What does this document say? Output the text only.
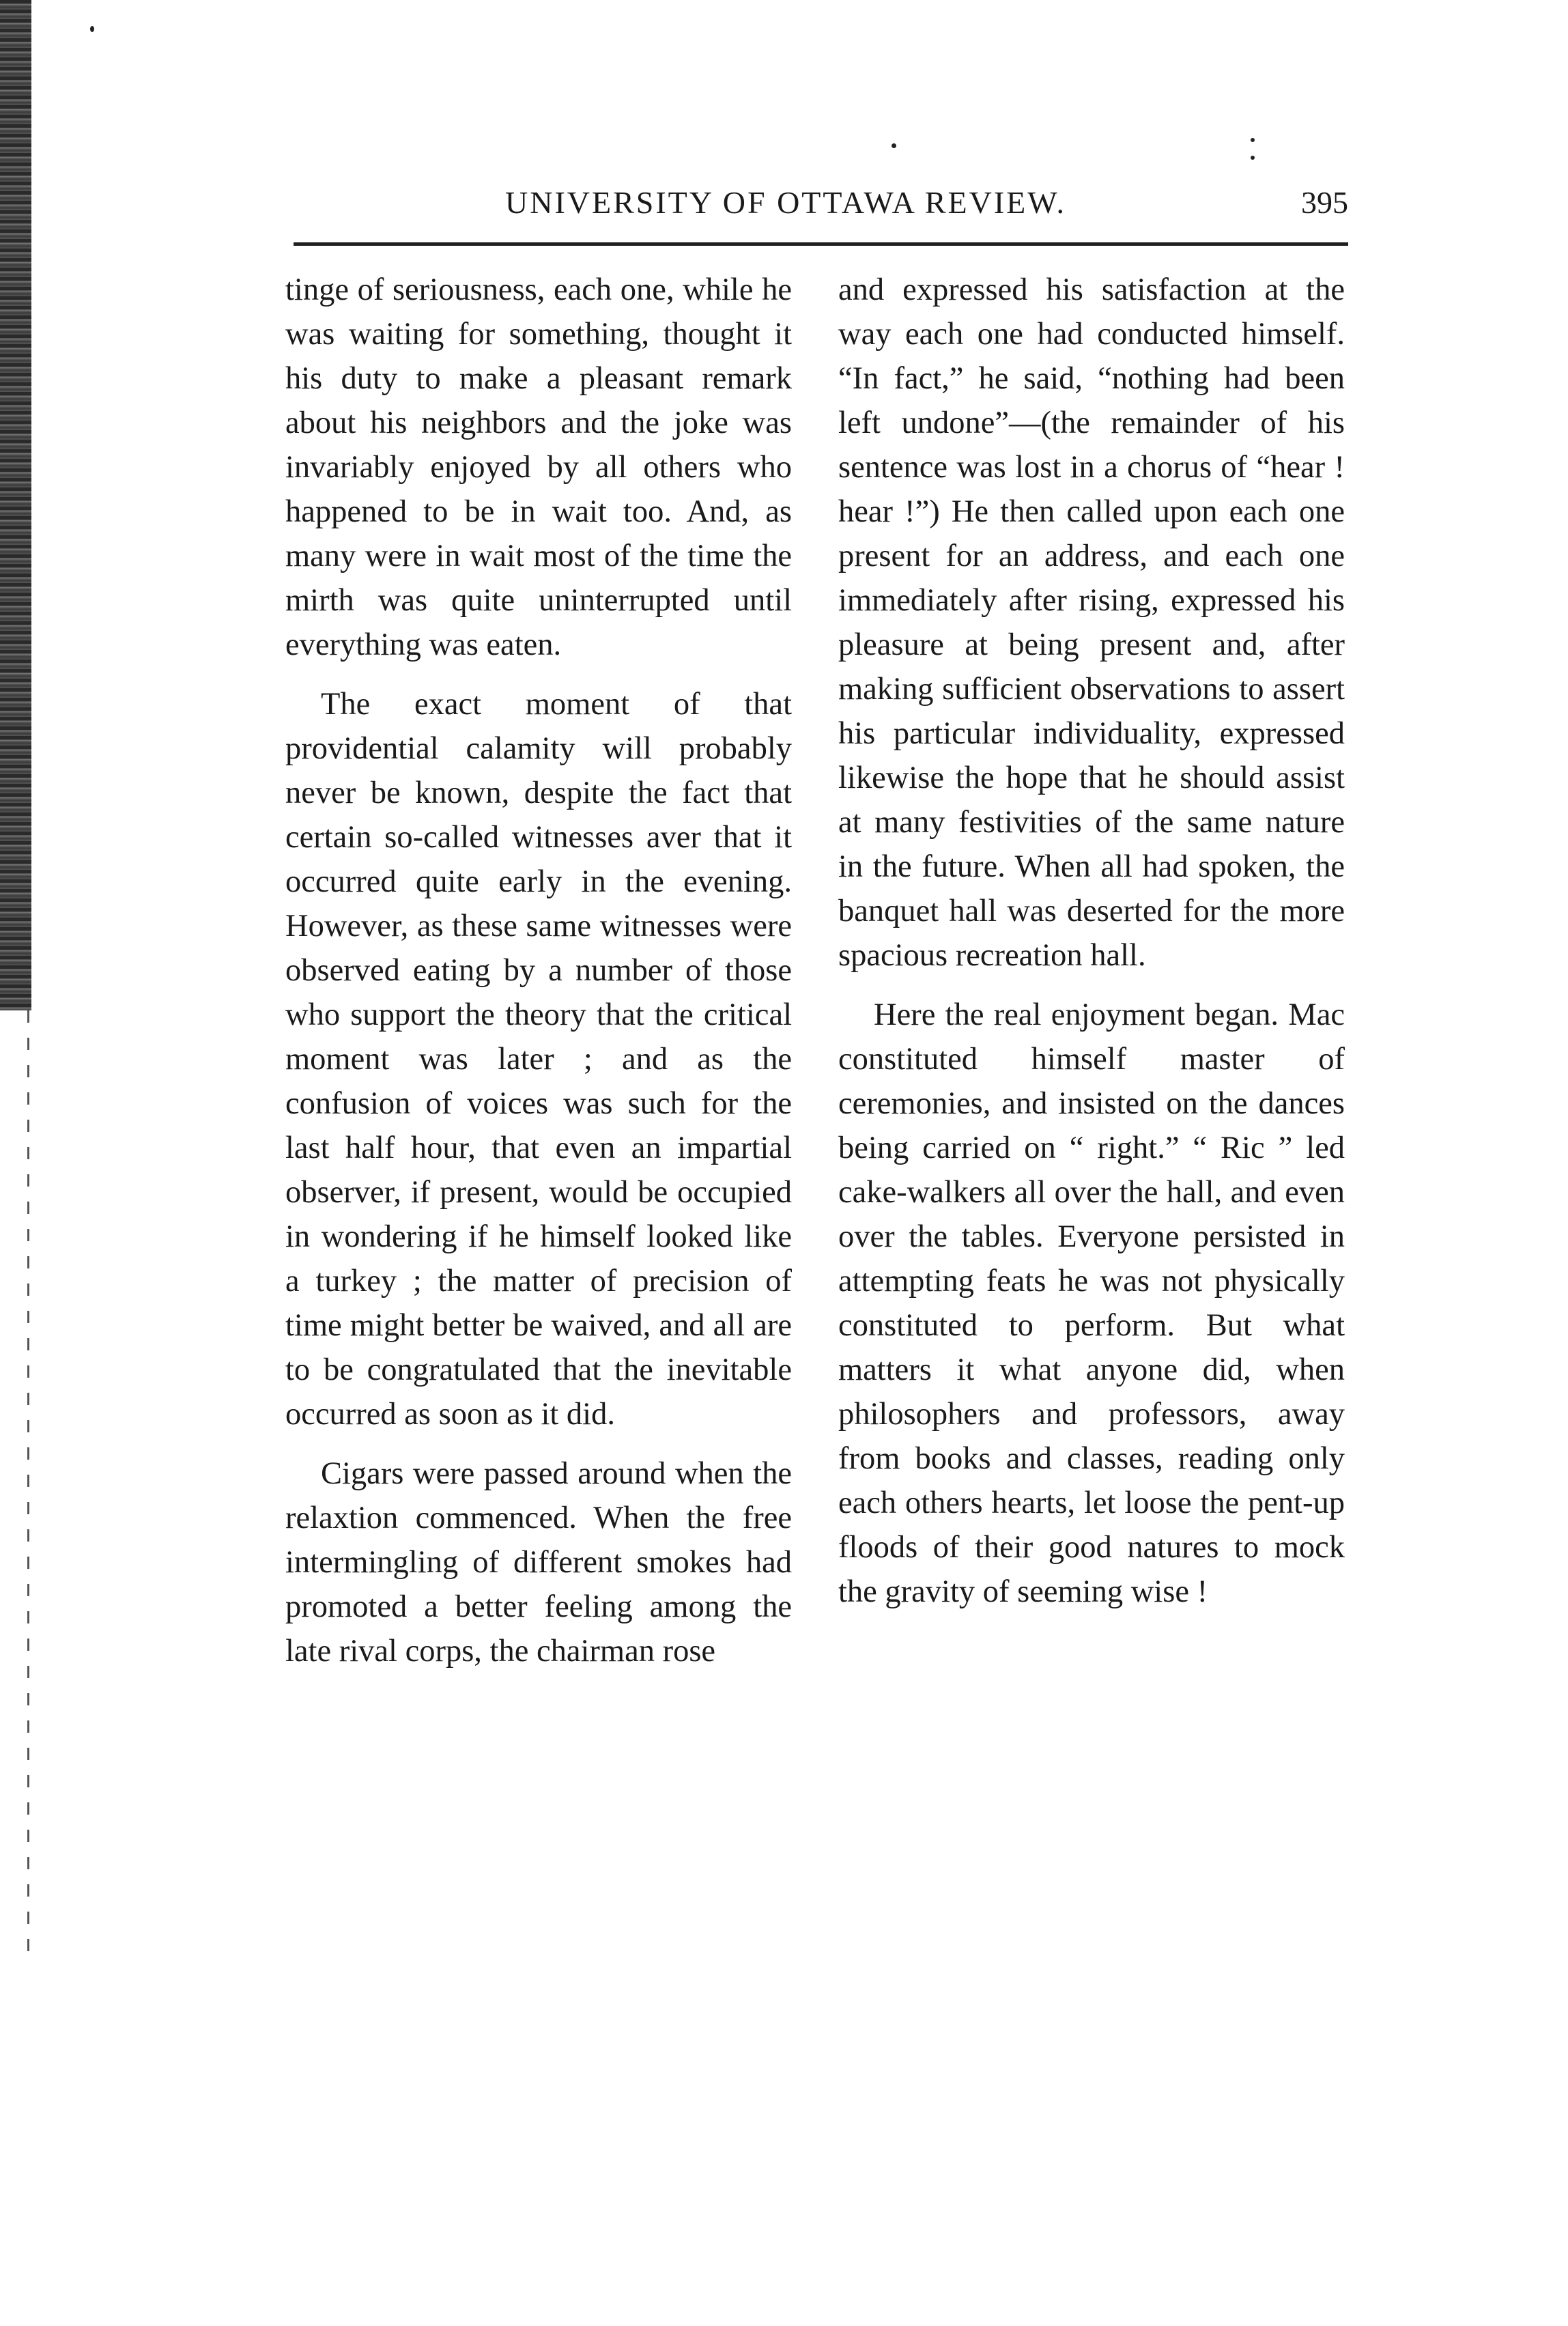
UNIVERSITY OF OTTAWA REVIEW.	395

tinge of seriousness, each one, while he was waiting for something, thought it his duty to make a pleasant remark about his neighbors and the joke was invariably enjoyed by all others who happened to be in wait too. And, as many were in wait most of the time the mirth was quite uninterrupted until everything was eaten.

The exact moment of that providential calamity will probably never be known, despite the fact that certain so-called witnesses aver that it occurred quite early in the evening. However, as these same witnesses were observed eating by a number of those who support the theory that the critical moment was later ; and as the confusion of voices was such for the last half hour, that even an impartial observer, if present, would be occupied in wondering if he himself looked like a turkey ; the matter of precision of time might better be waived, and all are to be congratulated that the inevitable occurred as soon as it did.

Cigars were passed around when the relaxtion commenced. When the free intermingling of different smokes had promoted a better feeling among the late rival corps, the chairman rose

and expressed his satisfaction at the way each one had conducted himself. “In fact,” he said, “nothing had been left undone”—(the remainder of his sentence was lost in a chorus of “hear ! hear !”) He then called upon each one present for an address, and each one immediately after rising, expressed his pleasure at being present and, after making sufficient observations to assert his particular individuality, expressed likewise the hope that he should assist at many festivities of the same nature in the future. When all had spoken, the banquet hall was deserted for the more spacious recreation hall.

Here the real enjoyment began. Mac constituted himself master of ceremonies, and insisted on the dances being carried on “ right.” “ Ric ” led cake-walkers all over the hall, and even over the tables. Everyone persisted in attempting feats he was not physically constituted to perform. But what matters it what anyone did, when philosophers and professors, away from books and classes, reading only each others hearts, let loose the pent-up floods of their good natures to mock the gravity of seeming wise !
